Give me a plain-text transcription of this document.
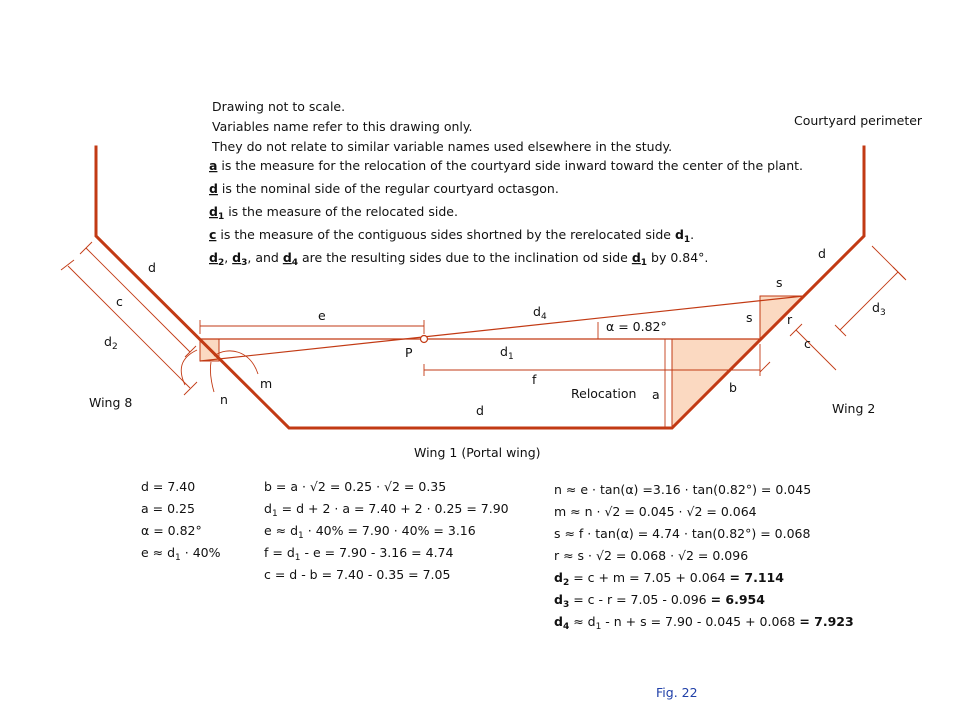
Drawing not to scale.
Variables name refer to this drawing only.
They do not relate to similar variable names used elsewhere in the study.
a is the measure for the relocation of the courtyard side inward toward the center of the plant.
d is the nominal side of the regular courtyard octasgon.
$d_1$ is the measure of the relocated side.
c is the measure of the contiguous sides shortned by the rerelocated side $d_1$.
$d_2$, $d_3$, and $d_4$ are the resulting sides due to the inclination od side $d_1$ by 0.84°.
Courtyard perimeter
d
c
$d_2$
Wing 8
e
P
m
n
$d_4$
$d_1$
α = 0.82°
f
Relocation a
d
b
Wing 1 (Portal wing)
s
s	r
d
$d_3$
c
Wing 2
d = 7.40
a = 0.25
α = 0.82°
$e \approx d_1 \cdot 40\%$
b = a · √2 = 0.25 · √2 = 0.35
$d_1 = d + 2 \cdot a = 7.40 + 2 \cdot 0.25 = 7.90$
$e \approx d_1 \cdot 40\% = 7.90 \cdot 40\% = 3.16$
$f = d_1 - e = 7.90 - 3.16 = 4.74$
c = d - b = 7.40 - 0.35 = 7.05
n ≈ e · tan(α) =3.16 · tan(0.82°) = 0.045
m ≈ n · √2 = 0.045 · √2 = 0.064
s ≈ f · tan(α) = 4.74 · tan(0.82°) = 0.068
r ≈ s · √2 = 0.068 · √2 = 0.096
$d_2 = c + m = 7.05 + 0.064 = 7.114$
$d_3 = c - r = 7.05 - 0.096 = 6.954$
$d_4 \approx d_1 - n + s = 7.90 - 0.045 + 0.068 = 7.923$
Fig. 22
